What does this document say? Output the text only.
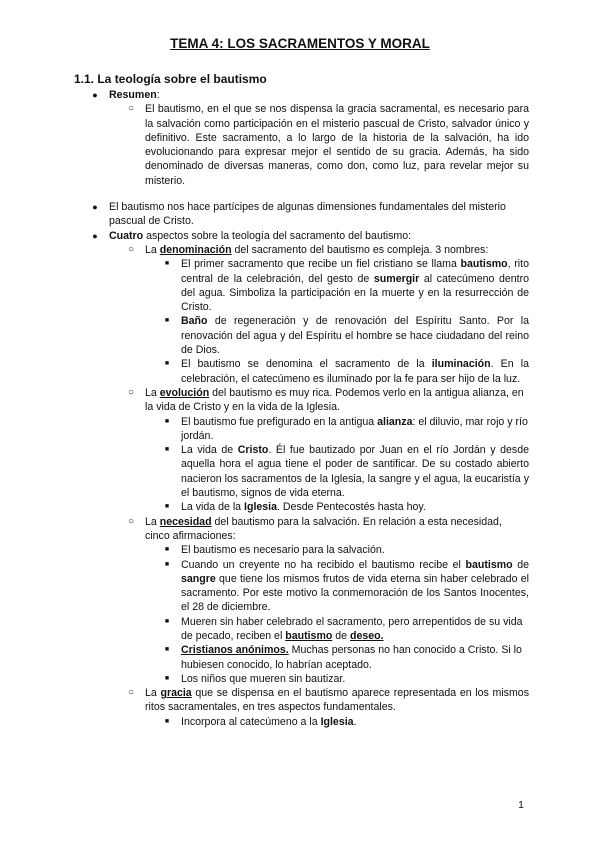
TEMA 4: LOS SACRAMENTOS Y MORAL
1.1. La teología sobre el bautismo
●	Resumen:
○ El bautismo, en el que se nos dispensa la gracia sacramental, es necesario para la salvación como participación en el misterio pascual de Cristo, salvador único y definitivo. Este sacramento, a lo largo de la historia de la salvación, ha ido evolucionando para expresar mejor el sentido de su gracia. Además, ha sido denominado de diversas maneras, como don, como luz, para revelar mejor su misterio.
●	El bautismo nos hace partícipes de algunas dimensiones fundamentales del misterio pascual de Cristo.
●	Cuatro aspectos sobre la teología del sacramento del bautismo:
○ La denominación del sacramento del bautismo es compleja. 3 nombres:
■	El primer sacramento que recibe un fiel cristiano se llama bautismo, rito central de la celebración, del gesto de sumergir al catecúmeno dentro del agua. Simboliza la participación en la muerte y en la resurrección de Cristo.
■	Baño de regeneración y de renovación del Espíritu Santo. Por la renovación del agua y del Espíritu el hombre se hace ciudadano del reino de Dios.
■	El bautismo se denomina el sacramento de la iluminación. En la celebración, el catecúmeno es iluminado por la fe para ser hijo de la luz.
○ La evolución del bautismo es muy rica. Podemos verlo en la antigua alianza, en la vida de Cristo y en la vida de la Iglesia.
■	El bautismo fue prefigurado en la antigua alianza: el diluvio, mar rojo y río jordán.
■	La vida de Cristo. Él fue bautizado por Juan en el río Jordán y desde aquella hora el agua tiene el poder de santificar. De su costado abierto nacieron los sacramentos de la Iglesia, la sangre y el agua, la eucaristía y el bautismo, signos de vida eterna.
■	La vida de la Iglesia. Desde Pentecostés hasta hoy.
○ La necesidad del bautismo para la salvación. En relación a esta necesidad, cinco afirmaciones:
■	El bautismo es necesario para la salvación.
■	Cuando un creyente no ha recibido el bautismo recibe el bautismo de sangre que tiene los mismos frutos de vida eterna sin haber celebrado el sacramento. Por este motivo la conmemoración de los Santos Inocentes, el 28 de diciembre.
■	Mueren sin haber celebrado el sacramento, pero arrepentidos de su vida de pecado, reciben el bautismo de deseo.
■	Cristianos anónimos. Muchas personas no han conocido a Cristo. Si lo hubiesen conocido, lo habrían aceptado.
■	Los niños que mueren sin bautizar.
○ La gracia que se dispensa en el bautismo aparece representada en los mismos ritos sacramentales, en tres aspectos fundamentales.
■	Incorpora al catecúmeno a la Iglesia.
1
